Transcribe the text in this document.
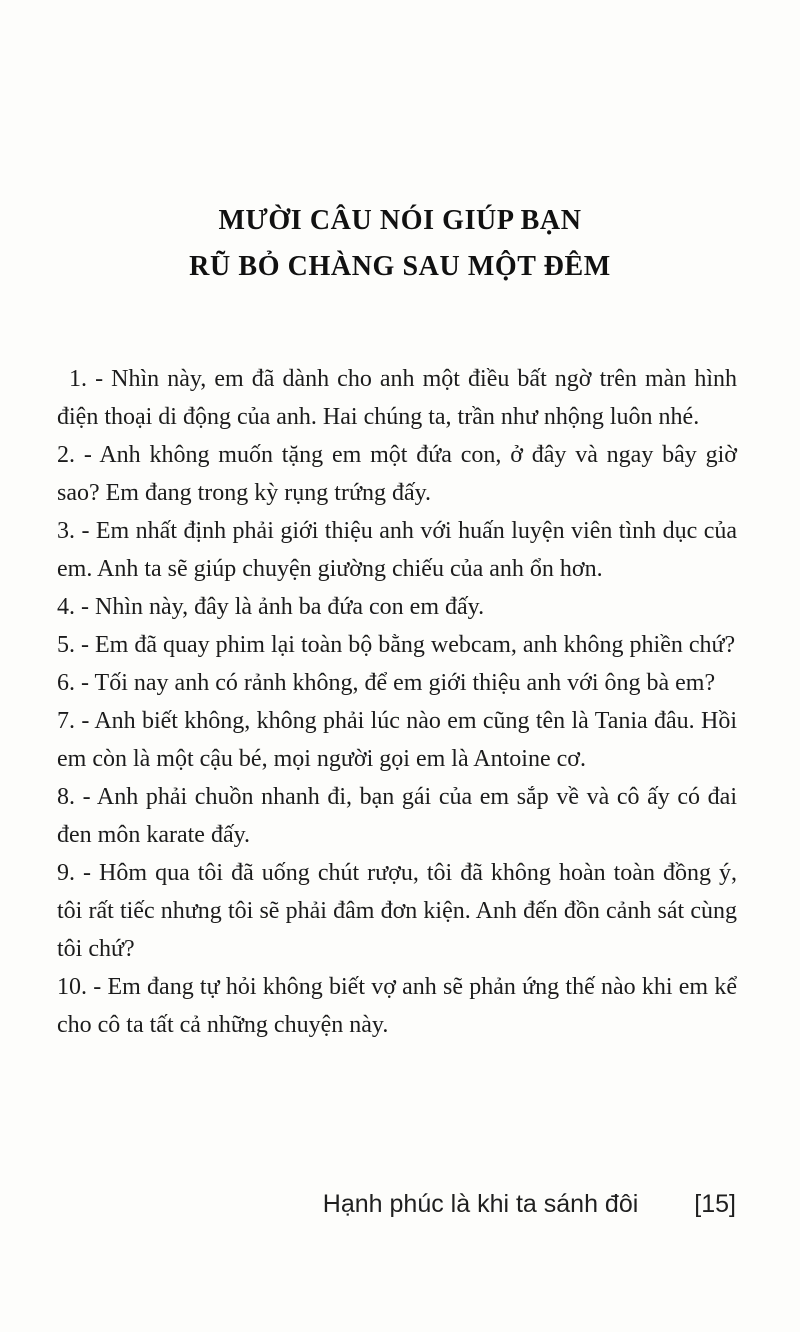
MƯỜI CÂU NÓI GIÚP BẠN
RŨ BỎ CHÀNG SAU MỘT ĐÊM

1. - Nhìn này, em đã dành cho anh một điều bất ngờ trên màn hình điện thoại di động của anh. Hai chúng ta, trần như nhộng luôn nhé.

2. - Anh không muốn tặng em một đứa con, ở đây và ngay bây giờ sao? Em đang trong kỳ rụng trứng đấy.

3. - Em nhất định phải giới thiệu anh với huấn luyện viên tình dục của em. Anh ta sẽ giúp chuyện giường chiếu của anh ổn hơn.

4. - Nhìn này, đây là ảnh ba đứa con em đấy.

5. - Em đã quay phim lại toàn bộ bằng webcam, anh không phiền chứ?

6. - Tối nay anh có rảnh không, để em giới thiệu anh với ông bà em?

7. - Anh biết không, không phải lúc nào em cũng tên là Tania đâu. Hồi em còn là một cậu bé, mọi người gọi em là Antoine cơ.

8. - Anh phải chuồn nhanh đi, bạn gái của em sắp về và cô ấy có đai đen môn karate đấy.

9. - Hôm qua tôi đã uống chút rượu, tôi đã không hoàn toàn đồng ý, tôi rất tiếc nhưng tôi sẽ phải đâm đơn kiện. Anh đến đồn cảnh sát cùng tôi chứ?

10. - Em đang tự hỏi không biết vợ anh sẽ phản ứng thế nào khi em kể cho cô ta tất cả những chuyện này.

Hạnh phúc là khi ta sánh đôi [15]
